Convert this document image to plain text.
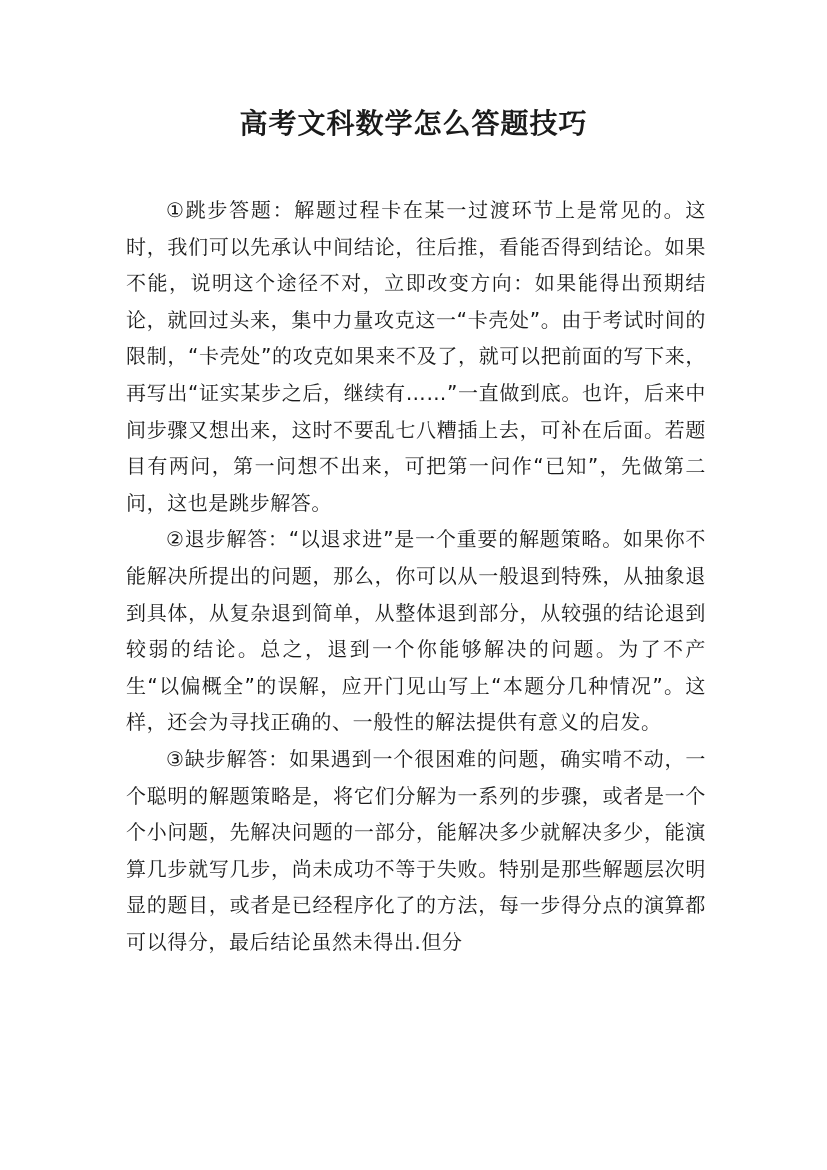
高考文科数学怎么答题技巧

①跳步答题：解题过程卡在某一过渡环节上是常见的。这时，我们可以先承认中间结论，往后推，看能否得到结论。如果不能，说明这个途径不对，立即改变方向：如果能得出预期结论，就回过头来，集中力量攻克这一“卡壳处”。由于考试时间的限制，“卡壳处”的攻克如果来不及了，就可以把前面的写下来，再写出“证实某步之后，继续有……”一直做到底。也许，后来中间步骤又想出来，这时不要乱七八糟插上去，可补在后面。若题目有两问，第一问想不出来，可把第一问作“已知”，先做第二问，这也是跳步解答。

②退步解答：“以退求进”是一个重要的解题策略。如果你不能解决所提出的问题，那么，你可以从一般退到特殊，从抽象退到具体，从复杂退到简单，从整体退到部分，从较强的结论退到较弱的结论。总之，退到一个你能够解决的问题。为了不产生“以偏概全”的误解，应开门见山写上“本题分几种情况”。这样，还会为寻找正确的、一般性的解法提供有意义的启发。

③缺步解答：如果遇到一个很困难的问题，确实啃不动，一个聪明的解题策略是，将它们分解为一系列的步骤，或者是一个个小问题，先解决问题的一部分，能解决多少就解决多少，能演算几步就写几步，尚未成功不等于失败。特别是那些解题层次明显的题目，或者是已经程序化了的方法，每一步得分点的演算都可以得分，最后结论虽然未得出.但分
